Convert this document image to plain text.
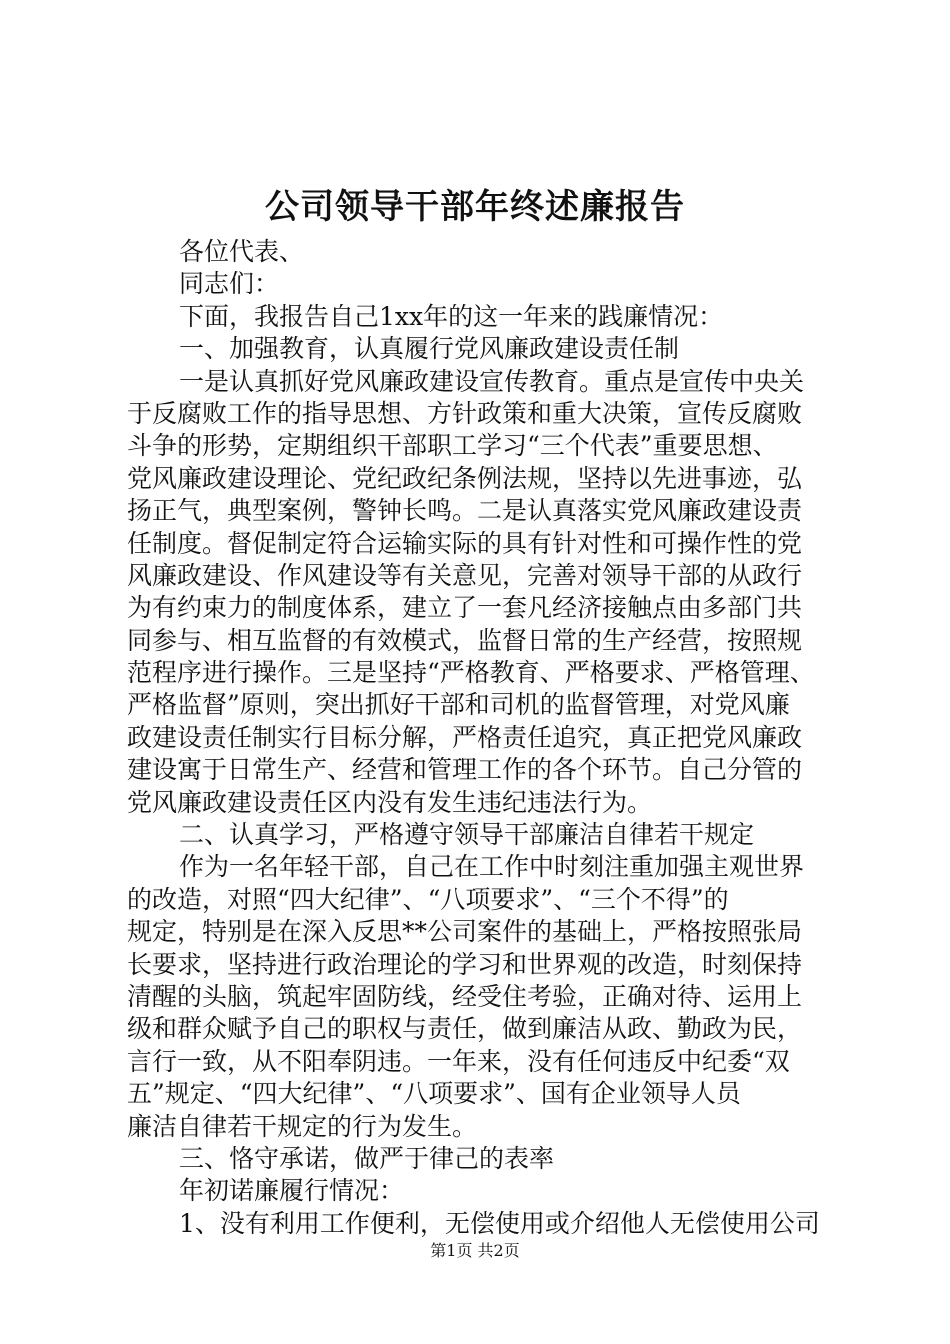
公司领导干部年终述廉报告
各位代表、
同志们：
下面，我报告自己1xx年的这一年来的践廉情况：
一、加强教育，认真履行党风廉政建设责任制
一是认真抓好党风廉政建设宣传教育。重点是宣传中央关
于反腐败工作的指导思想、方针政策和重大决策，宣传反腐败
斗争的形势，定期组织干部职工学习“三个代表”重要思想、
党风廉政建设理论、党纪政纪条例法规，坚持以先进事迹，弘
扬正气，典型案例，警钟长鸣。二是认真落实党风廉政建设责
任制度。督促制定符合运输实际的具有针对性和可操作性的党
风廉政建设、作风建设等有关意见，完善对领导干部的从政行
为有约束力的制度体系，建立了一套凡经济接触点由多部门共
同参与、相互监督的有效模式，监督日常的生产经营，按照规
范程序进行操作。三是坚持“严格教育、严格要求、严格管理、
严格监督”原则，突出抓好干部和司机的监督管理，对党风廉
政建设责任制实行目标分解，严格责任追究，真正把党风廉政
建设寓于日常生产、经营和管理工作的各个环节。自己分管的
党风廉政建设责任区内没有发生违纪违法行为。
二、认真学习，严格遵守领导干部廉洁自律若干规定
作为一名年轻干部，自己在工作中时刻注重加强主观世界
的改造，对照“四大纪律”、“八项要求”、“三个不得”的
规定，特别是在深入反思**公司案件的基础上，严格按照张局
长要求，坚持进行政治理论的学习和世界观的改造，时刻保持
清醒的头脑，筑起牢固防线，经受住考验，正确对待、运用上
级和群众赋予自己的职权与责任，做到廉洁从政、勤政为民，
言行一致，从不阳奉阴违。一年来，没有任何违反中纪委“双
五”规定、“四大纪律”、“八项要求”、国有企业领导人员
廉洁自律若干规定的行为发生。
三、恪守承诺，做严于律己的表率
年初诺廉履行情况：
1、没有利用工作便利，无偿使用或介绍他人无偿使用公司
第1页 共2页
